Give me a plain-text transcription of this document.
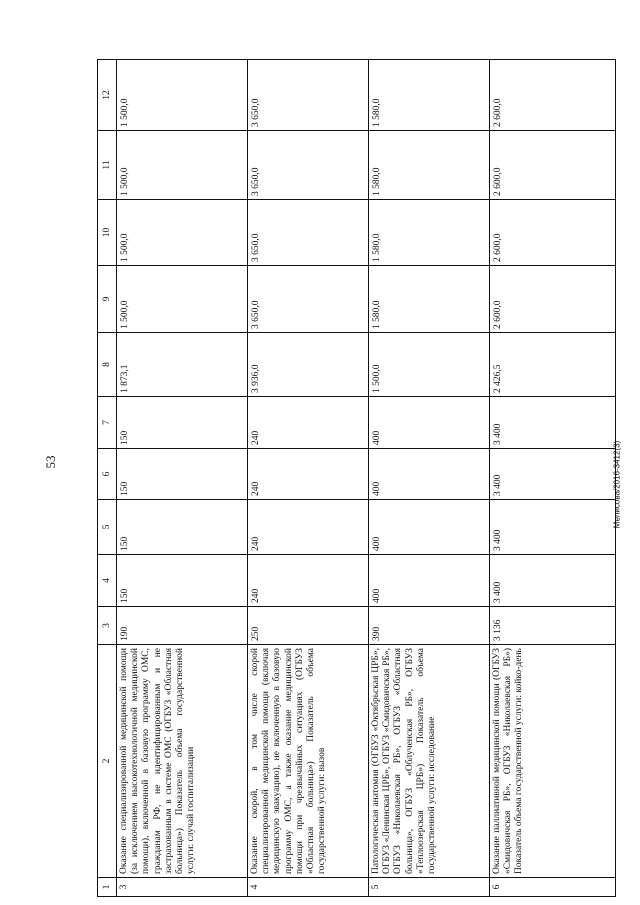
53	Мелисова/2016-3412(3)
1	2	3	4	5	6	7	8	9	10	11	12
3	Оказание специализированной медицинской помощи (за исключением высокотехнологичной медицинской помощи), включенной в базовую программу ОМС, гражданам РФ, не идентифицированным и не застрахованным в системе ОМС (ОГБУЗ «Областная больница») Показатель объема государственной услуги: случай госпитализации	190	150	150	150	150	1 873,1	1 500,0	1 500,0	1 500,0	1 500,0
4	Оказание скорой, в том числе скорой специализированной медицинской помощи (включая медицинскую эвакуацию), не включенную в базовую программу ОМС, а также оказание медицинской помощи при чрезвычайных ситуациях (ОГБУЗ «Областная больница») Показатель объема государственной услуги: вызов	250	240	240	240	240	3 936,0	3 650,0	3 650,0	3 650,0	3 650,0
5	Патологическая анатомия (ОГБУЗ «Октябрьская ЦРБ», ОГБУЗ «Ленинская ЦРБ», ОГБУЗ «Смидовичская РБ», ОГБУЗ «Николаевская РБ», ОГБУЗ «Областная больница», ОГБУЗ «Облученская РБ», ОГБУЗ «Теплоозерская ЦРБ») Показатель объема государственной услуги: исследование	390	400	400	400	400	1 500,0	1 580,0	1 580,0	1 580,0	1 580,0
6	Оказание паллиативной медицинской помощи (ОГБУЗ «Смидовичская РБ», ОГБУЗ «Николаевская РБ») Показатель объема государственной услуги: койко-день	3 136	3 400	3 400	3 400	3 400	2 426,5	2 600,0	2 600,0	2 600,0	2 600,0
